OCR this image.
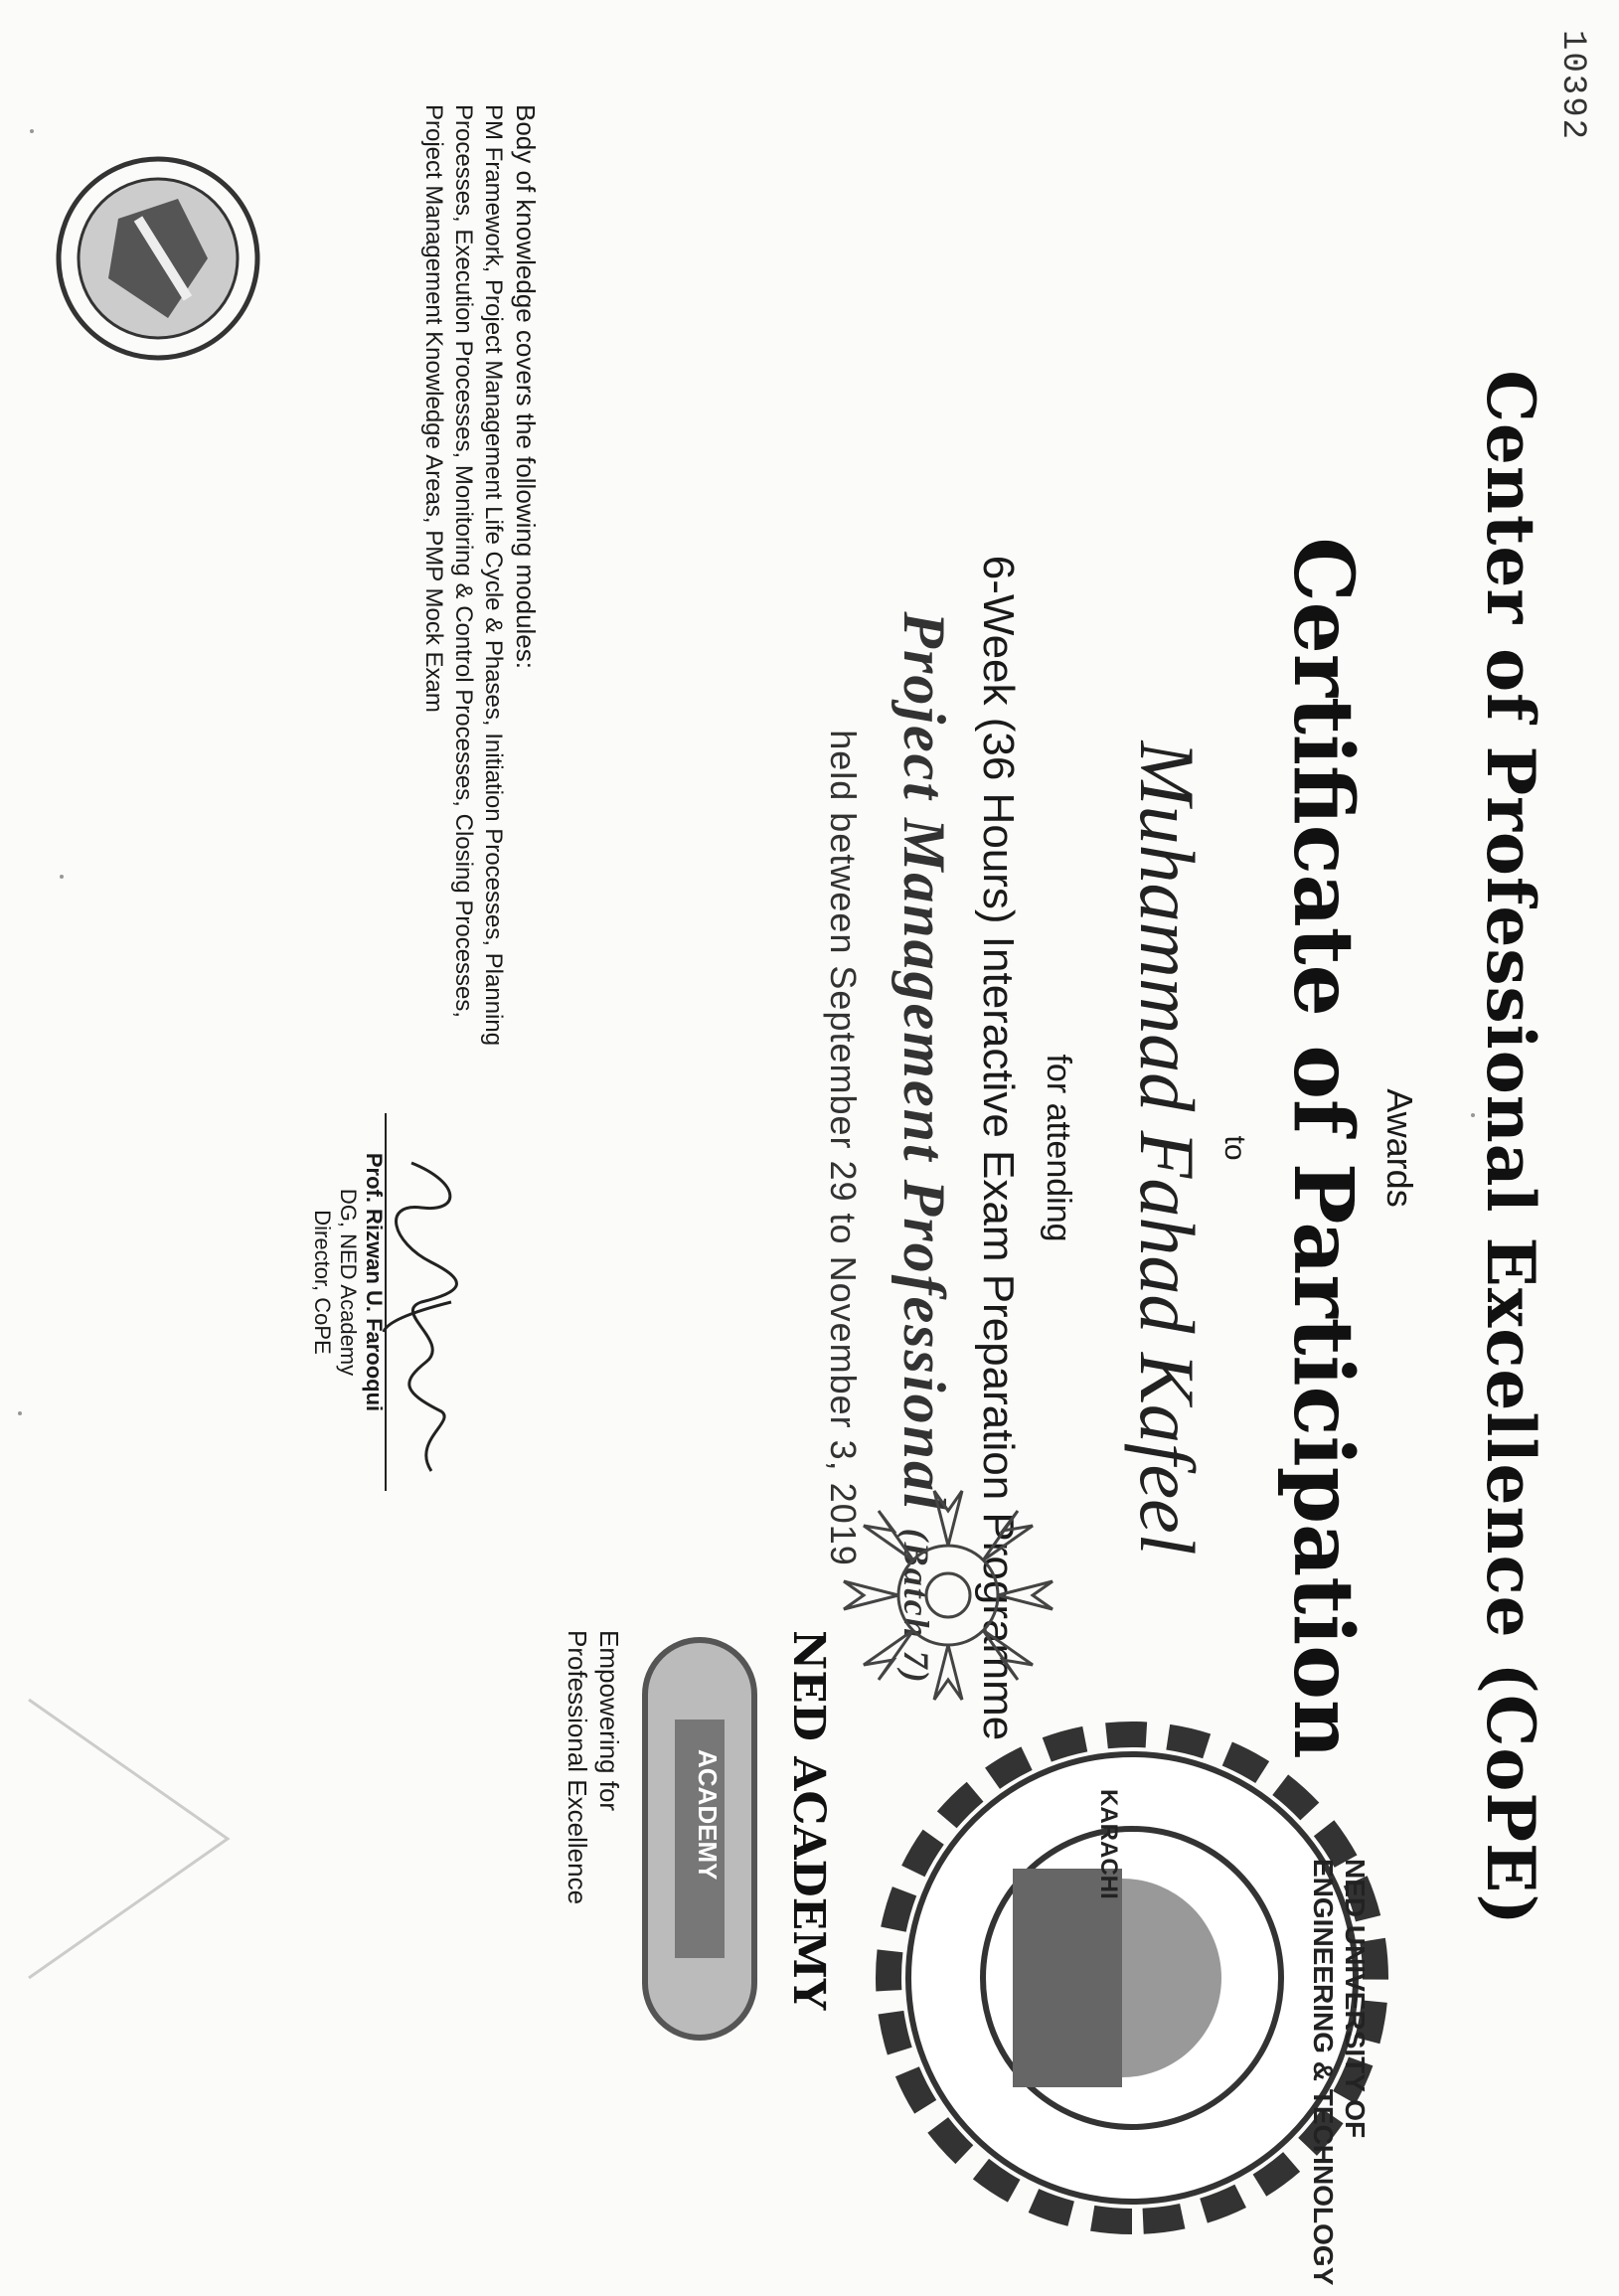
10392
Center of Professional Excellence (CoPE)
Awards
Certificate of Participation
to
Muhammad Fahad Kafeel
for attending
6-Week (36 Hours) Interactive Exam Preparation Programme
Project Management Professional (Batch 7)
held between September 29 to November 3, 2019
Body of knowledge covers the following modules:
PM Framework, Project Management Life Cycle & Phases, Initiation Processes, Planning Processes, Execution Processes, Monitoring & Control Processes, Closing Processes, Project Management Knowledge Areas, PMP Mock Exam
Prof. Rizwan U. Farooqui
DG, NED Academy
Director, CoPE
NED UNIVERSITY OF ENGINEERING & TECHNOLOGY
KARACHI
NED ACADEMY
ACADEMY
Empowering for
Professional Excellence
